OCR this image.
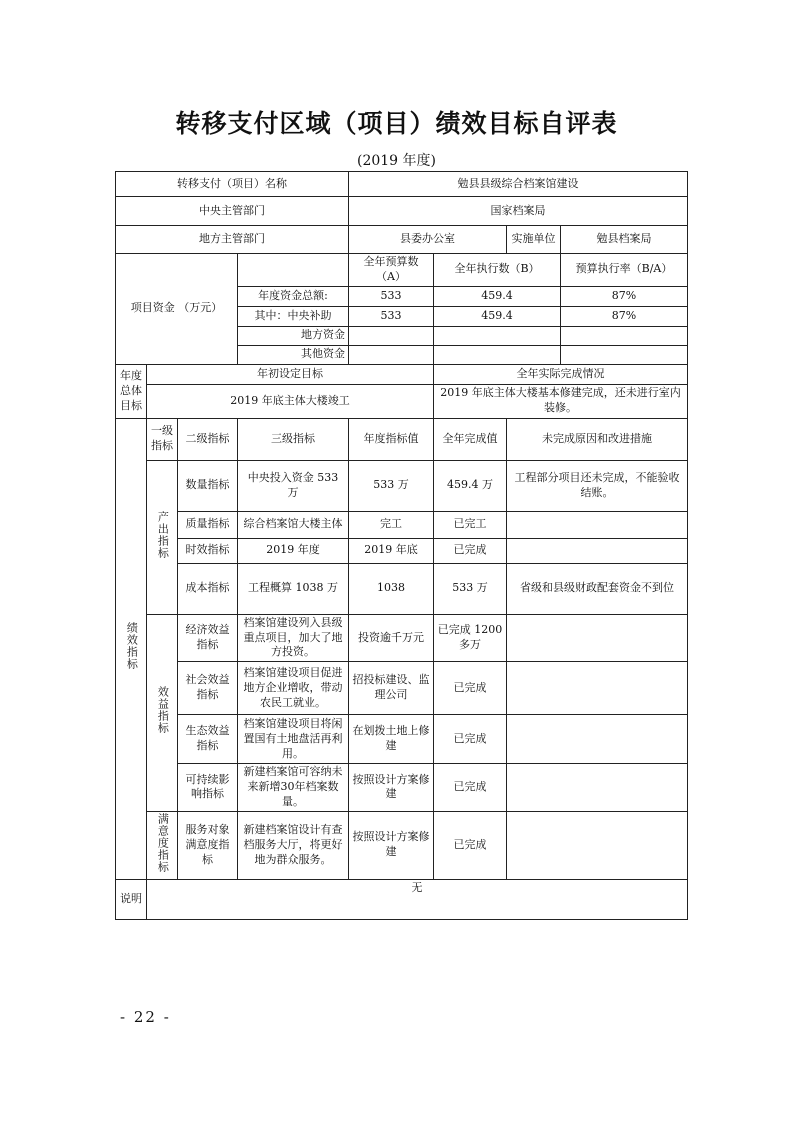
转移支付区域（项目）绩效目标自评表
(2019 年度)
转移支付（项目）名称				勉县县级综合档案馆建设			
中央主管部门				国家档案局			
地方主管部门				县委办公室		实施单位	勉县档案局
项目资金 （万元）				全年预算数（A）	全年执行数（B）		预算执行率（B/A）
			年度资金总额:	533	459.4		87%
			其中：中央补助	533	459.4		87%
			地方资金				
			其他资金				
年度总体目标	年初设定目标				全年实际完成情况		
	2019 年底主体大楼竣工				2019 年底主体大楼基本修建完成，还未进行室内装修。		
绩效指标	一级指标	二级指标	三级指标	年度指标值	全年完成值	未完成原因和改进措施	
	产出指标	数量指标	中央投入资金 533 万	533 万	459.4 万	工程部分项目还未完成，不能验收结账。	
		质量指标	综合档案馆大楼主体	完工	已完工		
		时效指标	2019 年度	2019 年底	已完成		
		成本指标	工程概算 1038 万	1038	533 万	省级和县级财政配套资金不到位	
	效益指标	经济效益指标	档案馆建设列入县级重点项目，加大了地方投资。	投资逾千万元	已完成 1200 多万		
		社会效益指标	档案馆建设项目促进地方企业增收，带动农民工就业。	招投标建设、监理公司	已完成		
		生态效益指标	档案馆建设项目将闲置国有土地盘活再利用。	在划拨土地上修建	已完成		
		可持续影响指标	新建档案馆可容纳未来新增30年档案数量。	按照设计方案修建	已完成		
	满意度指标	服务对象满意度指标	新建档案馆设计有查档服务大厅，将更好地为群众服务。	按照设计方案修建	已完成		
说明	无						
- 22 -
